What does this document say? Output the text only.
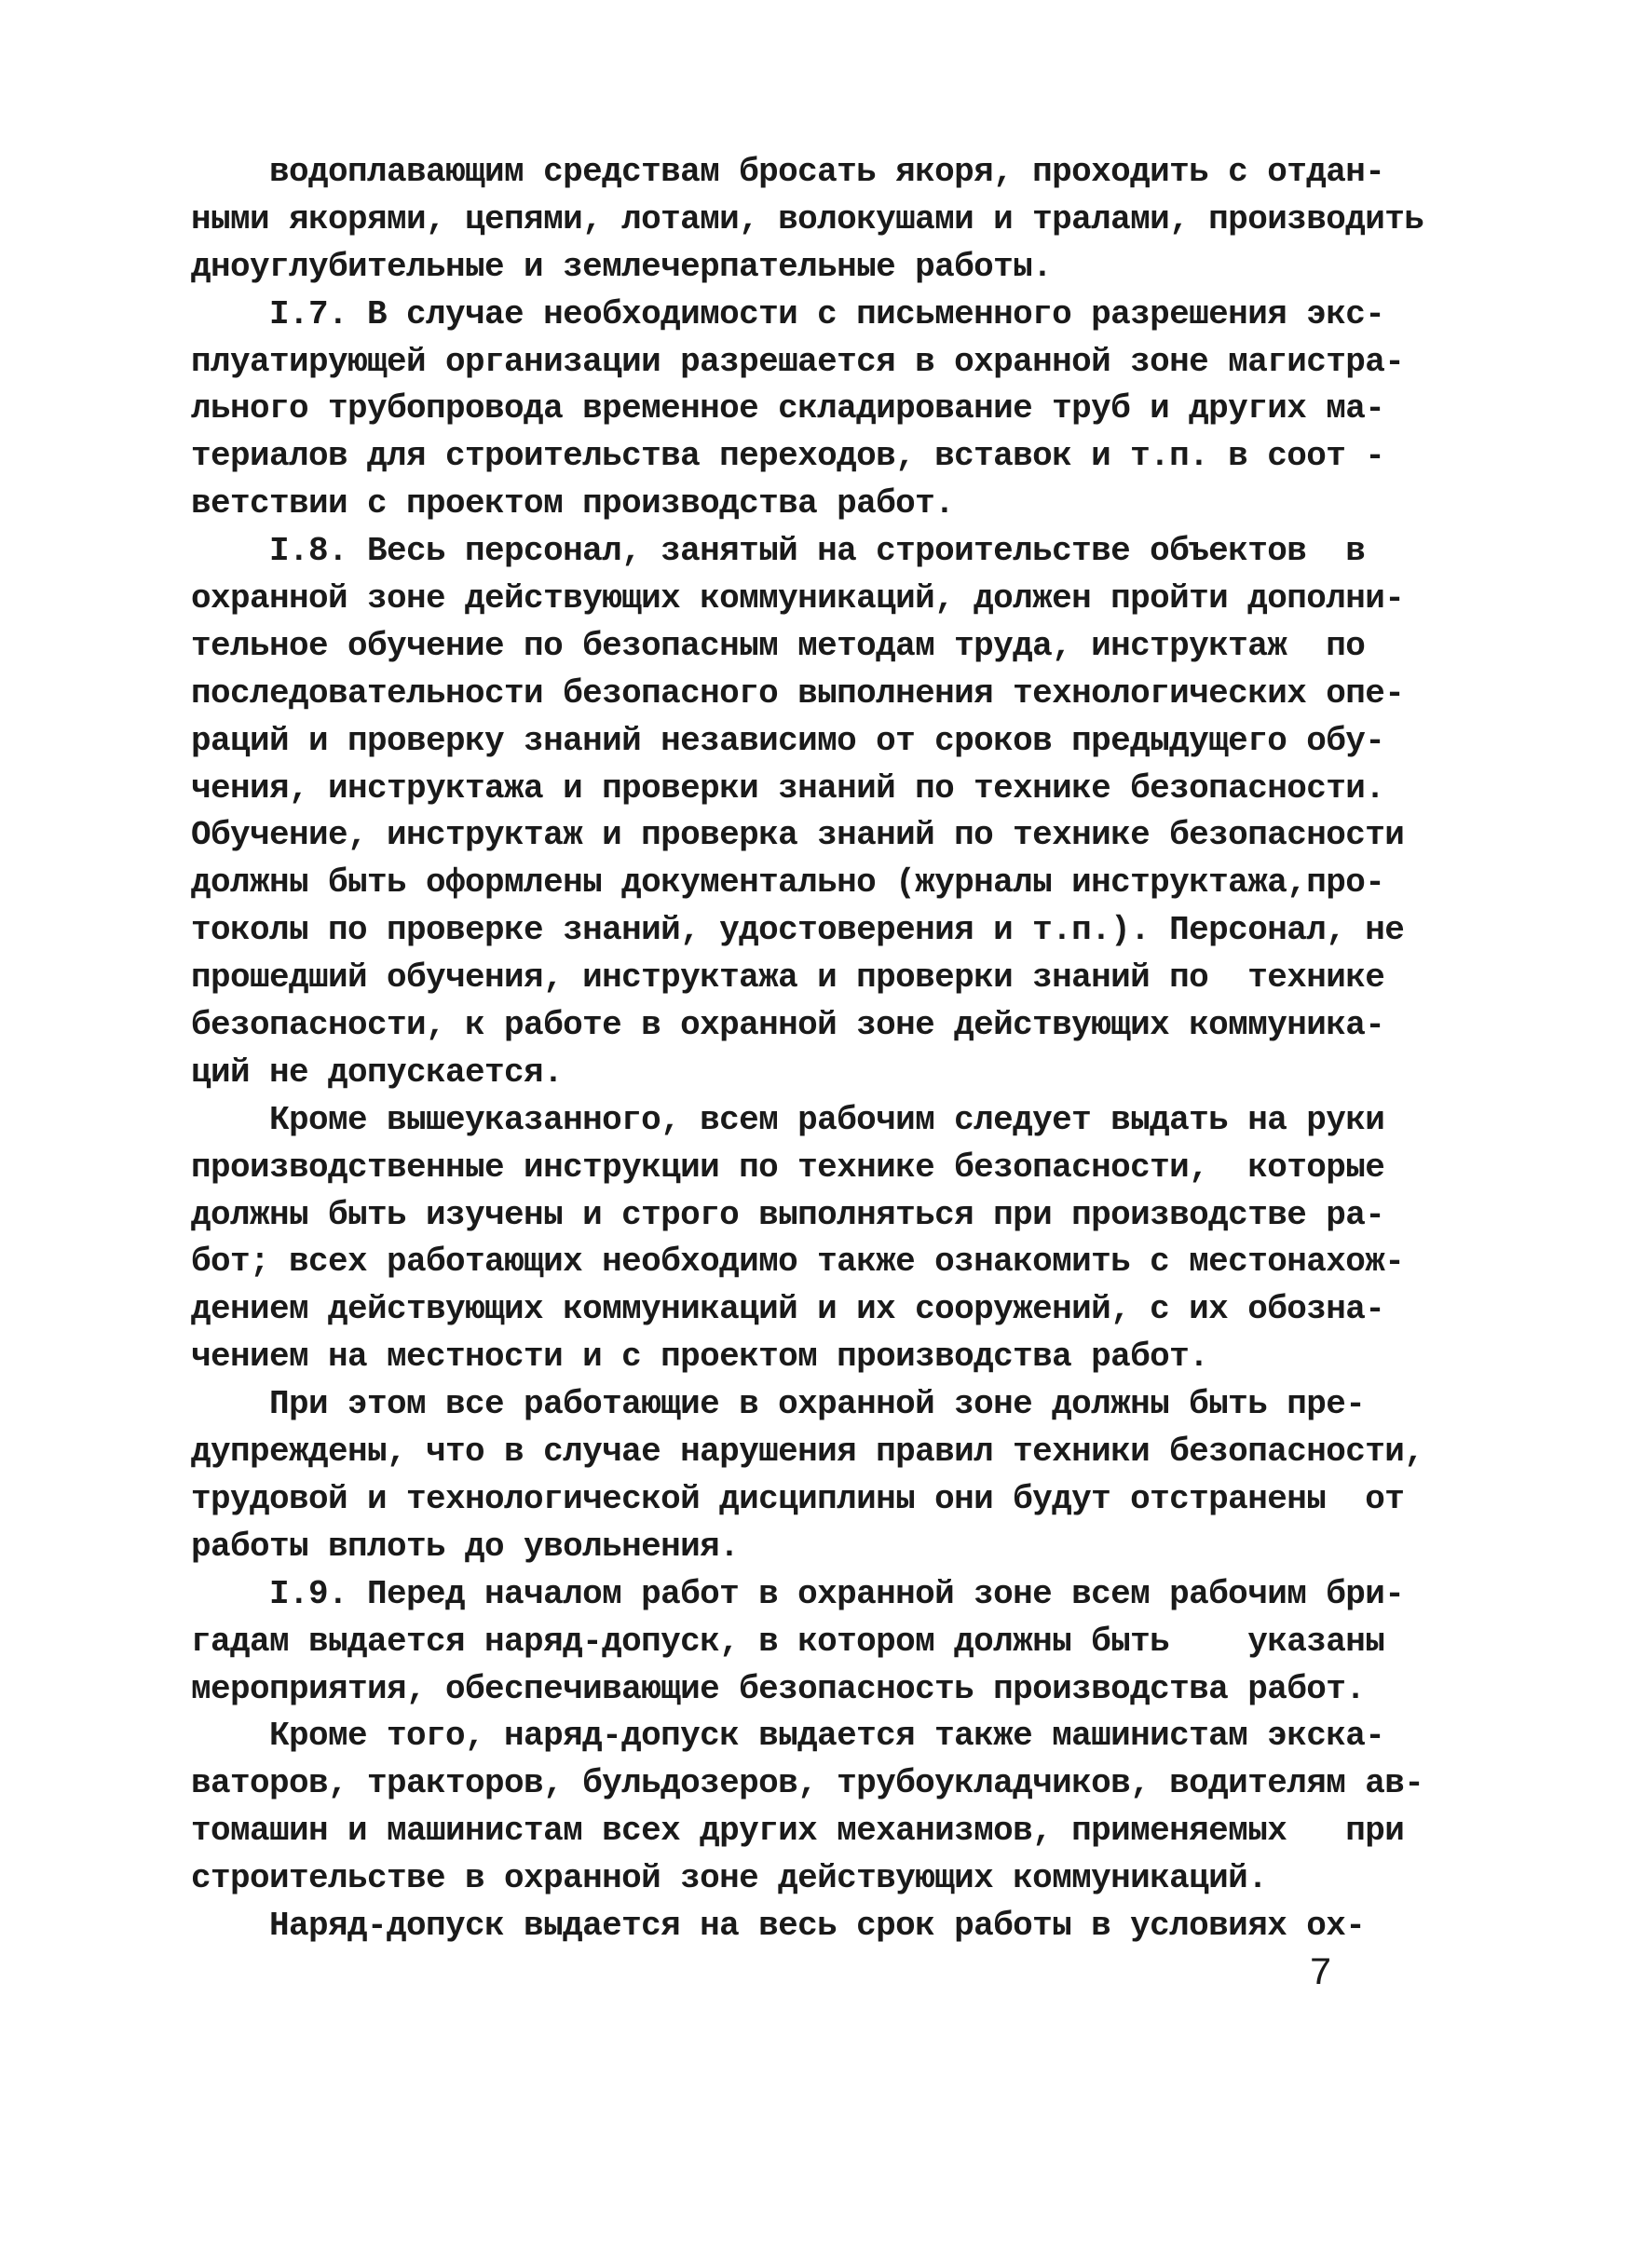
водоплавающим средствам бросать якоря, проходить с отдан-
ными якорями, цепями, лотами, волокушами и тралами, производить
дноуглубительные и землечерпательные работы.
I.7. В случае необходимости с письменного разрешения экс-
плуатирующей организации разрешается в охранной зоне магистра-
льного трубопровода временное складирование труб и других ма-
териалов для строительства переходов, вставок и т.п. в соот -
ветствии с проектом производства работ.
I.8. Весь персонал, занятый на строительстве объектов  в
охранной зоне действующих коммуникаций, должен пройти дополни-
тельное обучение по безопасным методам труда, инструктаж  по
последовательности безопасного выполнения технологических опе-
раций и проверку знаний независимо от сроков предыдущего обу-
чения, инструктажа и проверки знаний по технике безопасности.
Обучение, инструктаж и проверка знаний по технике безопасности
должны быть оформлены документально (журналы инструктажа,про-
токолы по проверке знаний, удостоверения и т.п.). Персонал, не
прошедший обучения, инструктажа и проверки знаний по  технике
безопасности, к работе в охранной зоне действующих коммуника-
ций не допускается.
Кроме вышеуказанного, всем рабочим следует выдать на руки
производственные инструкции по технике безопасности,  которые
должны быть изучены и строго выполняться при производстве ра-
бот; всех работающих необходимо также ознакомить с местонахож-
дением действующих коммуникаций и их сооружений, с их обозна-
чением на местности и с проектом производства работ.
При этом все работающие в охранной зоне должны быть пре-
дупреждены, что в случае нарушения правил техники безопасности,
трудовой и технологической дисциплины они будут отстранены  от
работы вплоть до увольнения.
I.9. Перед началом работ в охранной зоне всем рабочим бри-
гадам выдается наряд-допуск, в котором должны быть    указаны
мероприятия, обеспечивающие безопасность производства работ.
Кроме того, наряд-допуск выдается также машинистам экска-
ваторов, тракторов, бульдозеров, трубоукладчиков, водителям ав-
томашин и машинистам всех других механизмов, применяемых   при
строительстве в охранной зоне действующих коммуникаций.
Наряд-допуск выдается на весь срок работы в условиях ох-
7
